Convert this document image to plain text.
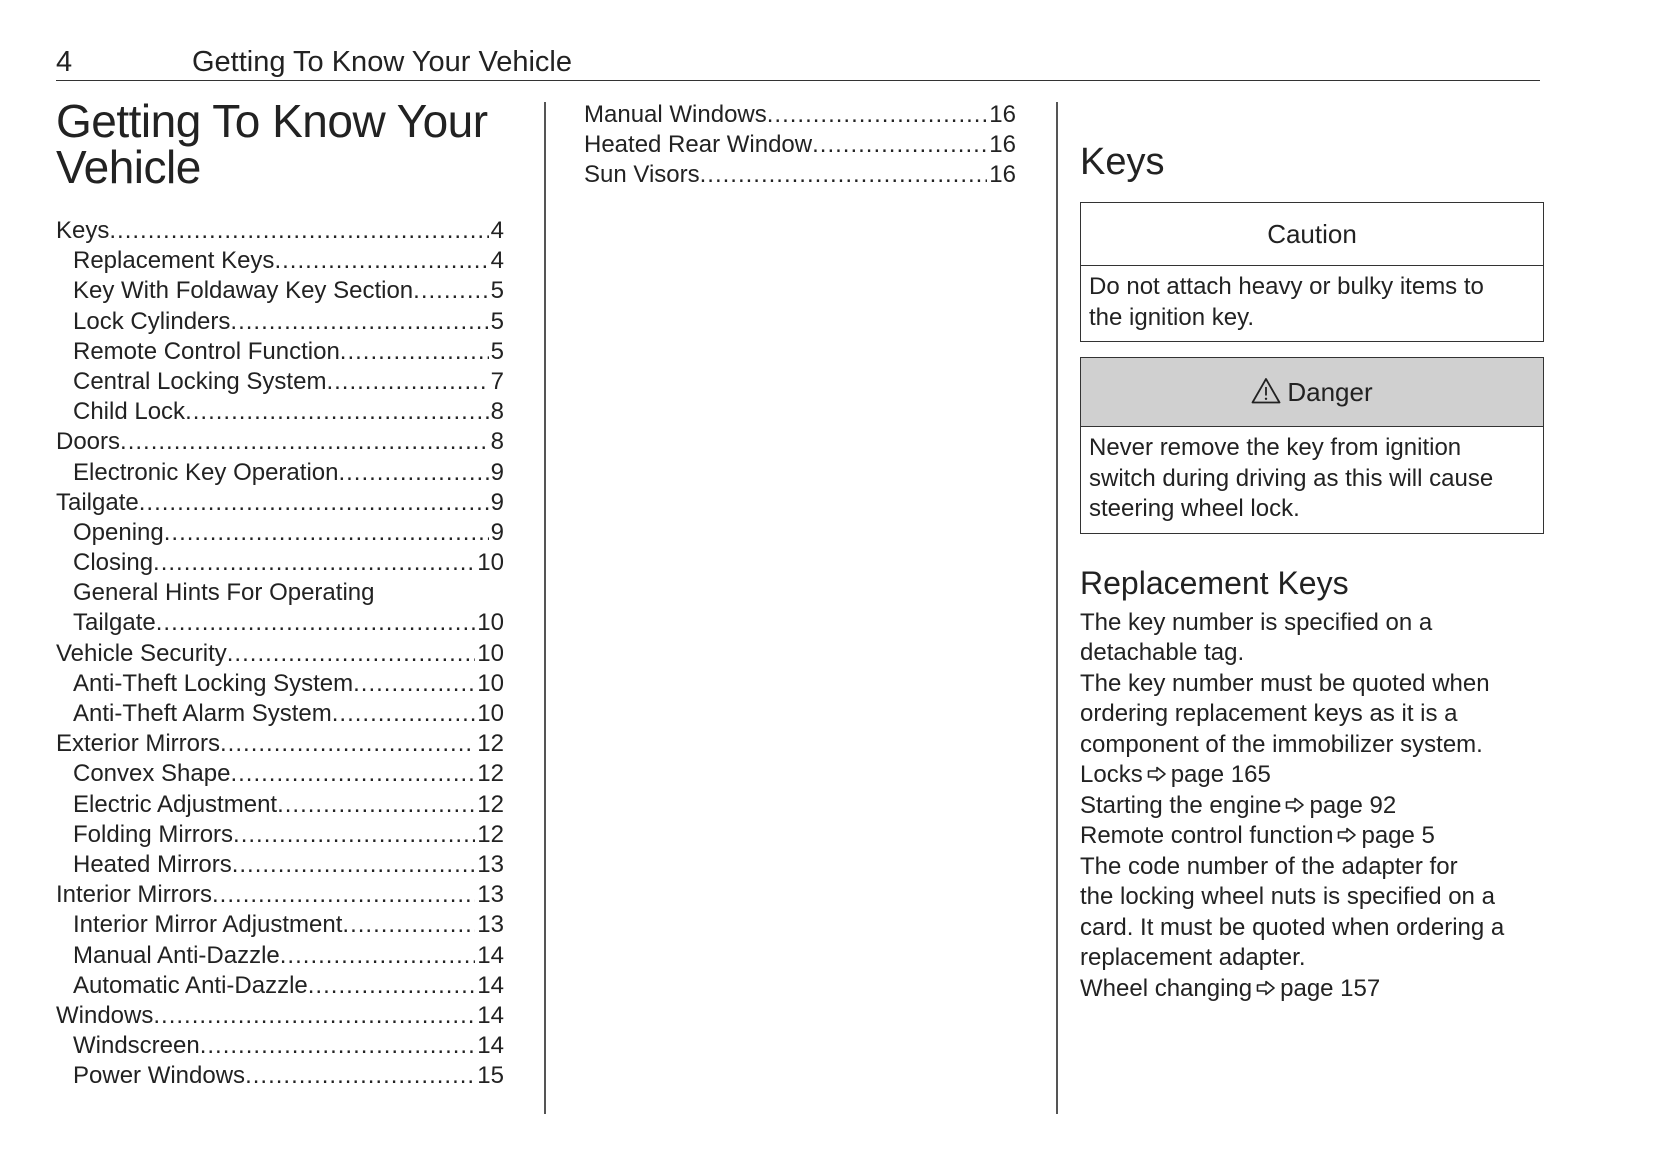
4	Getting To Know Your Vehicle
Getting To Know Your
Vehicle
Keys .....	4
Replacement Keys .....	4
Key With Foldaway Key Section .....	5
Lock Cylinders .....	5
Remote Control Function .....	5
Central Locking System .....	7
Child Lock .....	8
Doors .....	8
Electronic Key Operation .....	9
Tailgate .....	9
Opening .....	9
Closing .....	10
General Hints For Operating
Tailgate .....	10
Vehicle Security .....	10
Anti-Theft Locking System .....	10
Anti-Theft Alarm System .....	10
Exterior Mirrors .....	12
Convex Shape .....	12
Electric Adjustment .....	12
Folding Mirrors .....	12
Heated Mirrors .....	13
Interior Mirrors .....	13
Interior Mirror Adjustment .....	13
Manual Anti-Dazzle .....	14
Automatic Anti-Dazzle .....	14
Windows .....	14
Windscreen .....	14
Power Windows .....	15
Manual Windows .....	16
Heated Rear Window .....	16
Sun Visors .....	16 Keys
Caution
Do not attach heavy or bulky items to
the ignition key.
Danger
Never remove the key from ignition
switch during driving as this will cause
steering wheel lock.
Replacement Keys
The key number is specified on a
detachable tag.
The key number must be quoted when
ordering replacement keys as it is a
component of the immobilizer system.
Locks page 165
Starting the engine page 92
Remote control function page 5
The code number of the adapter for
the locking wheel nuts is specified on a
card. It must be quoted when ordering a
replacement adapter.
Wheel changing page 157
